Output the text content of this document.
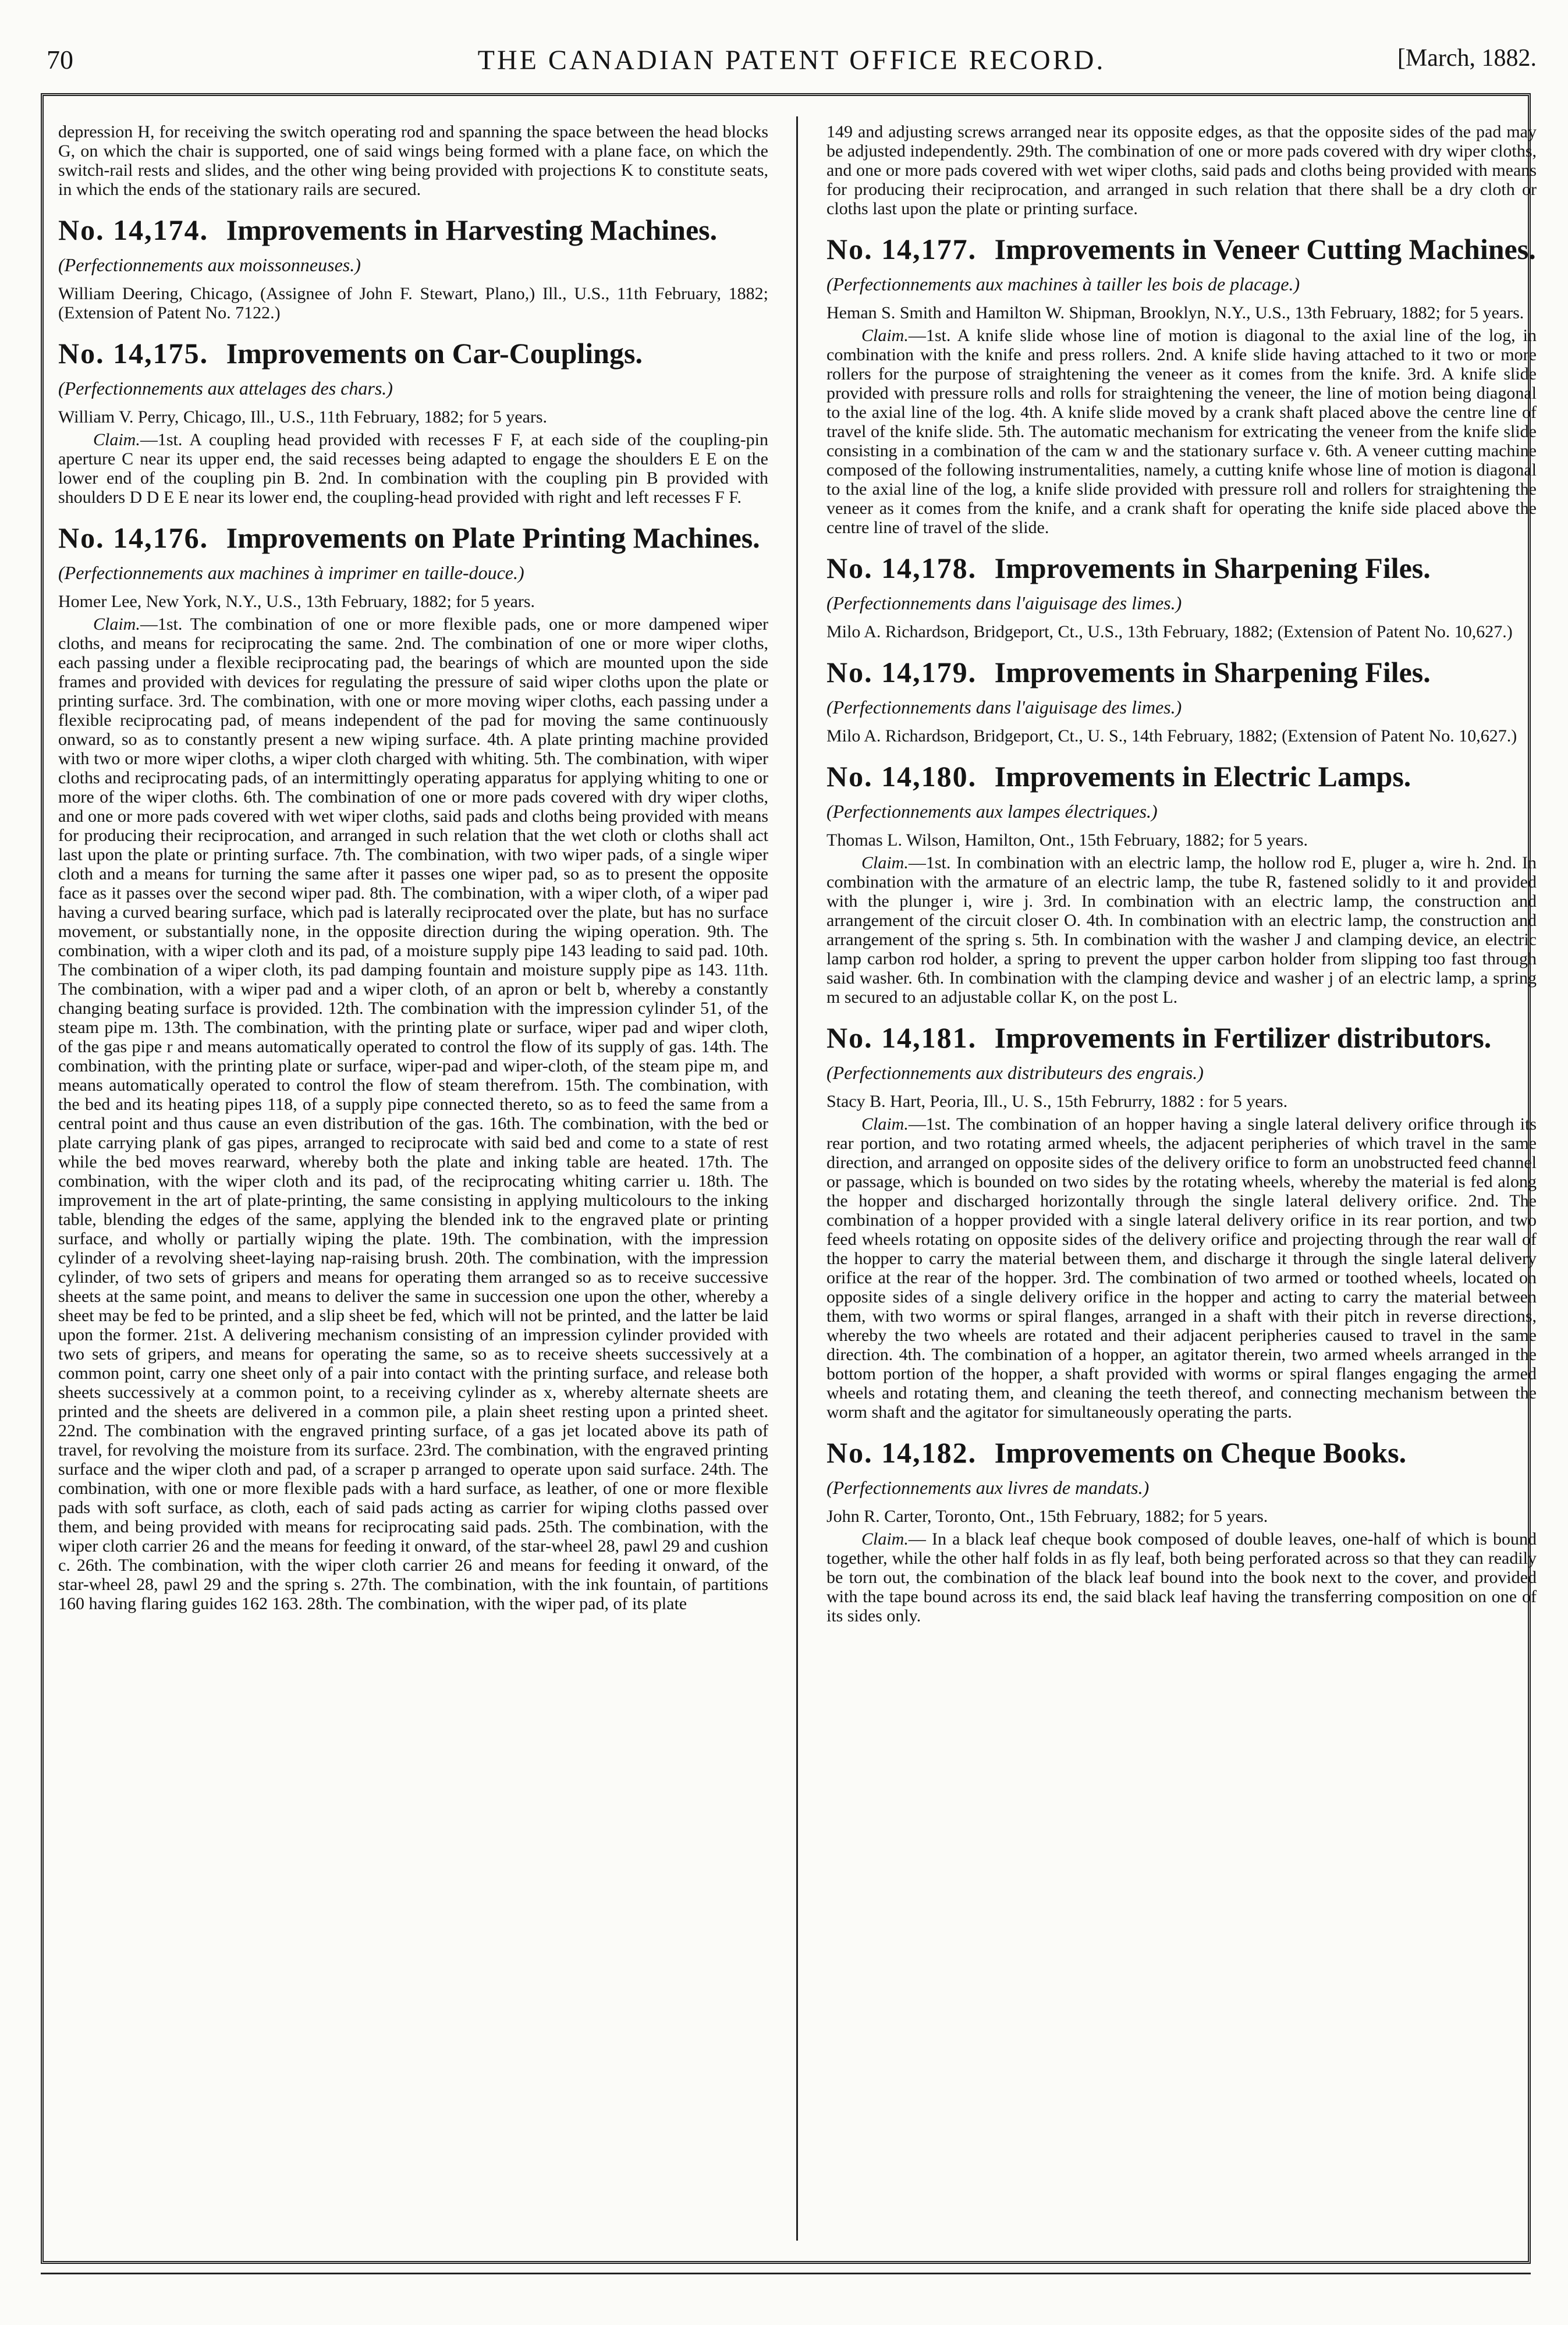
70	THE CANADIAN PATENT OFFICE RECORD.	[March, 1882.

depression H, for receiving the switch operating rod and spanning the space between the head blocks G, on which the chair is supported, one of said wings being formed with a plane face, on which the switch-rail rests and slides, and the other wing being provided with projections K to constitute seats, in which the ends of the stationary rails are secured.

No. 14,174. Improvements in Harvesting Machines. (Perfectionnements aux moissonneuses.)

William Deering, Chicago, (Assignee of John F. Stewart, Plano,) Ill., U.S., 11th February, 1882; (Extension of Patent No. 7122.)

No. 14,175. Improvements on Car-Couplings. (Perfectionnements aux attelages des chars.)

William V. Perry, Chicago, Ill., U.S., 11th February, 1882; for 5 years.

Claim.—1st. A coupling head provided with recesses F F, at each side of the coupling-pin aperture C near its upper end, the said recesses being adapted to engage the shoulders E E on the lower end of the coupling pin B. 2nd. In combination with the coupling pin B provided with shoulders D D E E near its lower end, the coupling-head provided with right and left recesses F F.

No. 14,176. Improvements on Plate Printing Machines. (Perfectionnements aux machines à imprimer en taille-douce.)

Homer Lee, New York, N.Y., U.S., 13th February, 1882; for 5 years.

Claim.—1st. The combination of one or more flexible pads, one or more dampened wiper cloths, and means for reciprocating the same. 2nd. The combination of one or more wiper cloths, each passing under a flexible reciprocating pad, the bearings of which are mounted upon the side frames and provided with devices for regulating the pressure of said wiper cloths upon the plate or printing surface. 3rd. The combination, with one or more moving wiper cloths, each passing under a flexible reciprocating pad, of means independent of the pad for moving the same continuously onward, so as to constantly present a new wiping surface. 4th. A plate printing machine provided with two or more wiper cloths, a wiper cloth charged with whiting. 5th. The combination, with wiper cloths and reciprocating pads, of an intermittingly operating apparatus for applying whiting to one or more of the wiper cloths. 6th. The combination of one or more pads covered with dry wiper cloths, and one or more pads covered with wet wiper cloths, said pads and cloths being provided with means for producing their reciprocation, and arranged in such relation that the wet cloth or cloths shall act last upon the plate or printing surface. 7th. The combination, with two wiper pads, of a single wiper cloth and a means for turning the same after it passes one wiper pad, so as to present the opposite face as it passes over the second wiper pad. 8th. The combination, with a wiper cloth, of a wiper pad having a curved bearing surface, which pad is laterally reciprocated over the plate, but has no surface movement, or substantially none, in the opposite direction during the wiping operation. 9th. The combination, with a wiper cloth and its pad, of a moisture supply pipe 143 leading to said pad. 10th. The combination of a wiper cloth, its pad damping fountain and moisture supply pipe as 143. 11th. The combination, with a wiper pad and a wiper cloth, of an apron or belt b, whereby a constantly changing beating surface is provided. 12th. The combination with the impression cylinder 51, of the steam pipe m. 13th. The combination, with the printing plate or surface, wiper pad and wiper cloth, of the gas pipe r and means automatically operated to control the flow of its supply of gas. 14th. The combination, with the printing plate or surface, wiper-pad and wiper-cloth, of the steam pipe m, and means automatically operated to control the flow of steam therefrom. 15th. The combination, with the bed and its heating pipes 118, of a supply pipe connected thereto, so as to feed the same from a central point and thus cause an even distribution of the gas. 16th. The combination, with the bed or plate carrying plank of gas pipes, arranged to reciprocate with said bed and come to a state of rest while the bed moves rearward, whereby both the plate and inking table are heated. 17th. The combination, with the wiper cloth and its pad, of the reciprocating whiting carrier u. 18th. The improvement in the art of plate-printing, the same consisting in applying multicolours to the inking table, blending the edges of the same, applying the blended ink to the engraved plate or printing surface, and wholly or partially wiping the plate. 19th. The combination, with the impression cylinder of a revolving sheet-laying nap-raising brush. 20th. The combination, with the impression cylinder, of two sets of gripers and means for operating them arranged so as to receive successive sheets at the same point, and means to deliver the same in succession one upon the other, whereby a sheet may be fed to be printed, and a slip sheet be fed, which will not be printed, and the latter be laid upon the former. 21st. A delivering mechanism consisting of an impression cylinder provided with two sets of gripers, and means for operating the same, so as to receive sheets successively at a common point, carry one sheet only of a pair into contact with the printing surface, and release both sheets successively at a common point, to a receiving cylinder as x, whereby alternate sheets are printed and the sheets are delivered in a common pile, a plain sheet resting upon a printed sheet. 22nd. The combination with the engraved printing surface, of a gas jet located above its path of travel, for revolving the moisture from its surface. 23rd. The combination, with the engraved printing surface and the wiper cloth and pad, of a scraper p arranged to operate upon said surface. 24th. The combination, with one or more flexible pads with a hard surface, as leather, of one or more flexible pads with soft surface, as cloth, each of said pads acting as carrier for wiping cloths passed over them, and being provided with means for reciprocating said pads. 25th. The combination, with the wiper cloth carrier 26 and the means for feeding it onward, of the star-wheel 28, pawl 29 and cushion c. 26th. The combination, with the wiper cloth carrier 26 and means for feeding it onward, of the star-wheel 28, pawl 29 and the spring s. 27th. The combination, with the ink fountain, of partitions 160 having flaring guides 162 163. 28th. The combination, with the wiper pad, of its plate

149 and adjusting screws arranged near its opposite edges, as that the opposite sides of the pad may be adjusted independently. 29th. The combination of one or more pads covered with dry wiper cloths, and one or more pads covered with wet wiper cloths, said pads and cloths being provided with means for producing their reciprocation, and arranged in such relation that there shall be a dry cloth or cloths last upon the plate or printing surface.

No. 14,177. Improvements in Veneer Cutting Machines. (Perfectionnements aux machines à tailler les bois de placage.)

Heman S. Smith and Hamilton W. Shipman, Brooklyn, N.Y., U.S., 13th February, 1882; for 5 years.

Claim.—1st. A knife slide whose line of motion is diagonal to the axial line of the log, in combination with the knife and press rollers. 2nd. A knife slide having attached to it two or more rollers for the purpose of straightening the veneer as it comes from the knife. 3rd. A knife slide provided with pressure rolls and rolls for straightening the veneer, the line of motion being diagonal to the axial line of the log. 4th. A knife slide moved by a crank shaft placed above the centre line of travel of the knife slide. 5th. The automatic mechanism for extricating the veneer from the knife slide consisting in a combination of the cam w and the stationary surface v. 6th. A veneer cutting machine composed of the following instrumentalities, namely, a cutting knife whose line of motion is diagonal to the axial line of the log, a knife slide provided with pressure roll and rollers for straightening the veneer as it comes from the knife, and a crank shaft for operating the knife side placed above the centre line of travel of the slide.

No. 14,178. Improvements in Sharpening Files. (Perfectionnements dans l'aiguisage des limes.)

Milo A. Richardson, Bridgeport, Ct., U.S., 13th February, 1882; (Extension of Patent No. 10,627.)

No. 14,179. Improvements in Sharpening Files. (Perfectionnements dans l'aiguisage des limes.)

Milo A. Richardson, Bridgeport, Ct., U. S., 14th February, 1882; (Extension of Patent No. 10,627.)

No. 14,180. Improvements in Electric Lamps. (Perfectionnements aux lampes électriques.)

Thomas L. Wilson, Hamilton, Ont., 15th February, 1882; for 5 years.

Claim.—1st. In combination with an electric lamp, the hollow rod E, pluger a, wire h. 2nd. In combination with the armature of an electric lamp, the tube R, fastened solidly to it and provided with the plunger i, wire j. 3rd. In combination with an electric lamp, the construction and arrangement of the circuit closer O. 4th. In combination with an electric lamp, the construction and arrangement of the spring s. 5th. In combination with the washer J and clamping device, an electric lamp carbon rod holder, a spring to prevent the upper carbon holder from slipping too fast through said washer. 6th. In combination with the clamping device and washer j of an electric lamp, a spring m secured to an adjustable collar K, on the post L.

No. 14,181. Improvements in Fertilizer distributors. (Perfectionnements aux distributeurs des engrais.)

Stacy B. Hart, Peoria, Ill., U. S., 15th Februrry, 1882 : for 5 years.

Claim.—1st. The combination of an hopper having a single lateral delivery orifice through its rear portion, and two rotating armed wheels, the adjacent peripheries of which travel in the same direction, and arranged on opposite sides of the delivery orifice to form an unobstructed feed channel or passage, which is bounded on two sides by the rotating wheels, whereby the material is fed along the hopper and discharged horizontally through the single lateral delivery orifice. 2nd. The combination of a hopper provided with a single lateral delivery orifice in its rear portion, and two feed wheels rotating on opposite sides of the delivery orifice and projecting through the rear wall of the hopper to carry the material between them, and discharge it through the single lateral delivery orifice at the rear of the hopper. 3rd. The combination of two armed or toothed wheels, located on opposite sides of a single delivery orifice in the hopper and acting to carry the material between them, with two worms or spiral flanges, arranged in a shaft with their pitch in reverse directions, whereby the two wheels are rotated and their adjacent peripheries caused to travel in the same direction. 4th. The combination of a hopper, an agitator therein, two armed wheels arranged in the bottom portion of the hopper, a shaft provided with worms or spiral flanges engaging the armed wheels and rotating them, and cleaning the teeth thereof, and connecting mechanism between the worm shaft and the agitator for simultaneously operating the parts.

No. 14,182. Improvements on Cheque Books. (Perfectionnements aux livres de mandats.)

John R. Carter, Toronto, Ont., 15th February, 1882; for 5 years.

Claim.— In a black leaf cheque book composed of double leaves, one-half of which is bound together, while the other half folds in as fly leaf, both being perforated across so that they can readily be torn out, the combination of the black leaf bound into the book next to the cover, and provided with the tape bound across its end, the said black leaf having the transferring composition on one of its sides only.
